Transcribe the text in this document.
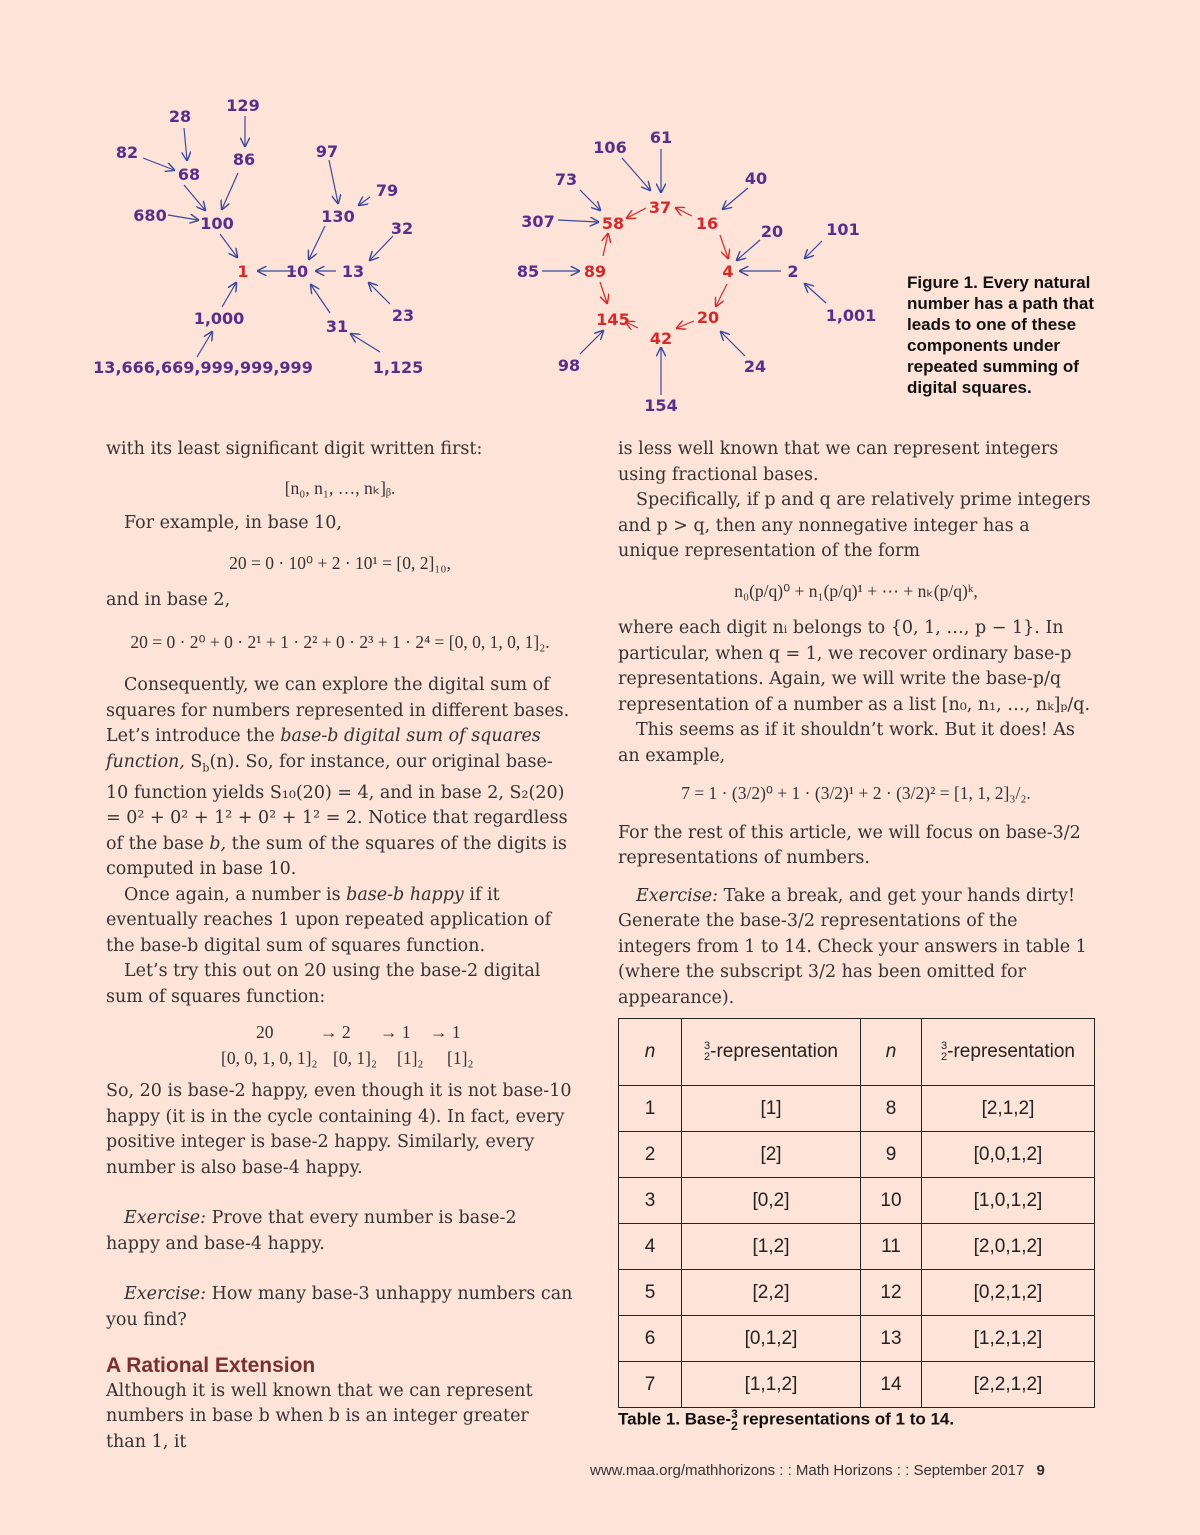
1 10 13
100
68
86
28
82
129
680	130
97
79
32
23
31
1,125
1,000
13,666,669,999,999,999
37
16
4
20
42
145
89
58
61
106
73
307
85
40
20	101
2
1,001
24
154
98
Figure 1. Every natural number has a path that leads to one of these components under repeated summing of digital squares.

with its least significant digit written first:

[n₀, n₁, …, nₖ]ᵦ.

For example, in base 10,

20 = 0 · 10⁰ + 2 · 10¹ = [0, 2]₁₀,

and in base 2,

20 = 0 · 2⁰ + 0 · 2¹ + 1 · 2² + 0 · 2³ + 1 · 2⁴ = [0, 0, 1, 0, 1]₂.

Consequently, we can explore the digital sum of squares for numbers represented in different bases. Let’s introduce the base-b digital sum of squares function, $S_b(n)$. So, for instance, our original base-10 function yields S₁₀(20) = 4, and in base 2, S₂(20) = 0² + 0² + 1² + 0² + 1² = 2. Notice that regardless of the base b, the sum of the squares of the digits is computed in base 10.

Once again, a number is base-b happy if it eventually reaches 1 upon repeated application of the base-b digital sum of squares function.

Let’s try this out on 20 using the base-2 digital sum of squares function:

20	→ 2	→ 1	→ 1
[0, 0, 1, 0, 1]₂ [0, 1]₂	[1]₂	[1]₂

So, 20 is base-2 happy, even though it is not base-10 happy (it is in the cycle containing 4). In fact, every positive integer is base-2 happy. Similarly, every number is also base-4 happy.

Exercise: Prove that every number is base-2 happy and base-4 happy.

Exercise: How many base-3 unhappy numbers can you find?

A Rational Extension

Although it is well known that we can represent numbers in base b when b is an integer greater than 1, it

is less well known that we can represent integers using fractional bases.

Specifically, if p and q are relatively prime integers and p > q, then any nonnegative integer has a unique representation of the form

n₀(p/q)⁰ + n₁(p/q)¹ + ⋯ + nₖ(p/q)ᵏ,

where each digit nᵢ belongs to {0, 1, …, p − 1}. In particular, when q = 1, we recover ordinary base-p representations. Again, we will write the base-p/q representation of a number as a list [n₀, n₁, …, nₖ]ₚ/q.

This seems as if it shouldn’t work. But it does! As an example,

7 = 1 · (3/2)⁰ + 1 · (3/2)¹ + 2 · (3/2)² = [1, 1, 2]₃/₂.

For the rest of this article, we will focus on base-3/2 representations of numbers.

Exercise: Take a break, and get your hands dirty! Generate the base-3/2 representations of the integers from 1 to 14. Check your answers in table 1 (where the subscript 3/2 has been omitted for appearance).

n	3
2 -representation	n	3
2 -representation
1	[1]	8	[2,1,2]
2	[2]	9	[0,0,1,2]
3	[0,2]	10	[1,0,1,2]
4	[1,2]	11	[2,0,1,2]
5	[2,2]	12	[0,2,1,2]
6	[0,1,2]	13	[1,2,1,2]
7	[1,1,2]	14	[2,2,1,2]
Table 1. Base- 3
2 representations of 1 to 14.
www.maa.org/mathhorizons : : Math Horizons : : September 2017 9
